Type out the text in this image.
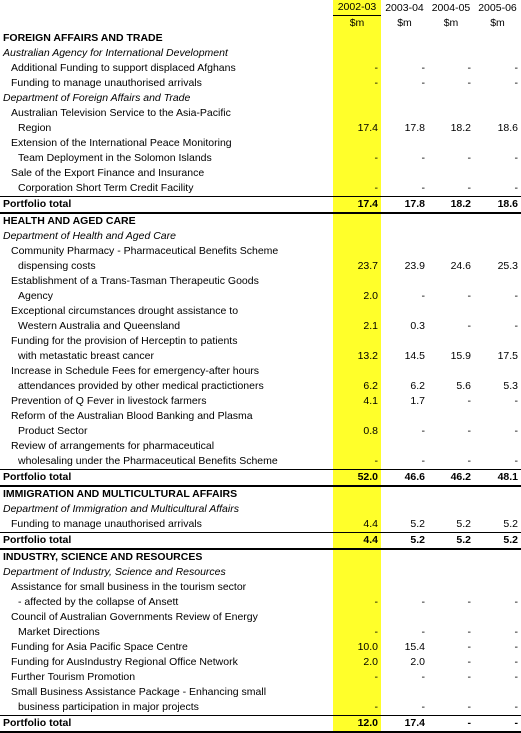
	2002-03	2003-04	2004-05	2005-06
	$m	$m	$m	$m
FOREIGN AFFAIRS AND TRADE				
Australian Agency for International Development				
Additional Funding to support displaced Afghans	-	-	-	-
Funding to manage unauthorised arrivals	-	-	-	-
Department of Foreign Affairs and Trade				
Australian Television Service to the Asia-Pacific				
Region	17.4	17.8	18.2	18.6
Extension of the International Peace Monitoring				
Team Deployment in the Solomon Islands	-	-	-	-
Sale of the Export Finance and Insurance				
Corporation Short Term Credit Facility	-	-	-	-
Portfolio total	17.4	17.8	18.2	18.6
HEALTH AND AGED CARE				
Department of Health and Aged Care				
Community Pharmacy - Pharmaceutical Benefits Scheme				
dispensing costs	23.7	23.9	24.6	25.3
Establishment of a Trans-Tasman Therapeutic Goods				
Agency	2.0	-	-	-
Exceptional circumstances drought assistance to				
Western Australia and Queensland	2.1	0.3	-	-
Funding for the provision of Herceptin to patients				
with metastatic breast cancer	13.2	14.5	15.9	17.5
Increase in Schedule Fees for emergency-after hours				
attendances provided by other medical practictioners	6.2	6.2	5.6	5.3
Prevention of Q Fever in livestock farmers	4.1	1.7	-	-
Reform of the Australian Blood Banking and Plasma				
Product Sector	0.8	-	-	-
Review of arrangements for pharmaceutical				
wholesaling under the Pharmaceutical Benefits Scheme	-	-	-	-
Portfolio total	52.0	46.6	46.2	48.1
IMMIGRATION AND MULTICULTURAL AFFAIRS				
Department of Immigration and Multicultural Affairs				
Funding to manage unauthorised arrivals	4.4	5.2	5.2	5.2
Portfolio total	4.4	5.2	5.2	5.2
INDUSTRY, SCIENCE AND RESOURCES				
Department of Industry, Science and Resources				
Assistance for small business in the tourism sector				
- affected by the collapse of Ansett	-	-	-	-
Council of Australian Governments Review of Energy				
Market Directions	-	-	-	-
Funding for Asia Pacific Space Centre	10.0	15.4	-	-
Funding for AusIndustry Regional Office Network	2.0	2.0	-	-
Further Tourism Promotion	-	-	-	-
Small Business Assistance Package - Enhancing small				
business participation in major projects	-	-	-	-
Portfolio total	12.0	17.4	-	-
